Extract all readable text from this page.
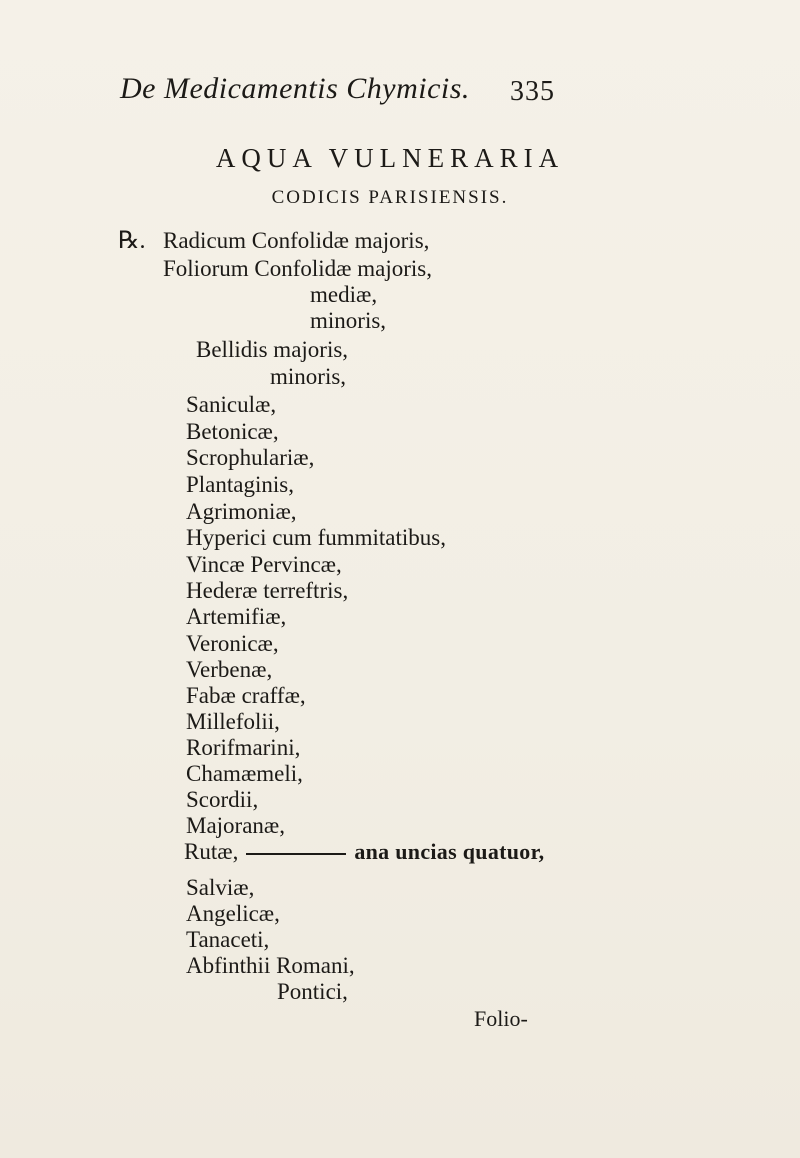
De Medicamentis Chymicis. 335
AQUA VULNERARIA
CODICIS PARISIENSIS.
℞. Radicum Confolidæ majoris,
Foliorum Confolidæ majoris,
mediæ,
minoris,
Bellidis majoris,
minoris,
Saniculæ,
Betonicæ,
Scrophulariæ,
Plantaginis,
Agrimoniæ,
Hyperici cum fummitatibus,
Vincæ Pervincæ,
Hederæ terreftris,
Artemifiæ,
Veronicæ,
Verbenæ,
Fabæ craffæ,
Millefolii,
Rorifmarini,
Chamæmeli,
Scordii,
Majoranæ,
Rutæ,	ana uncias quatuor,
Salviæ,
Angelicæ,
Tanaceti,
Abfinthii Romani,
Pontici,
Folio-
